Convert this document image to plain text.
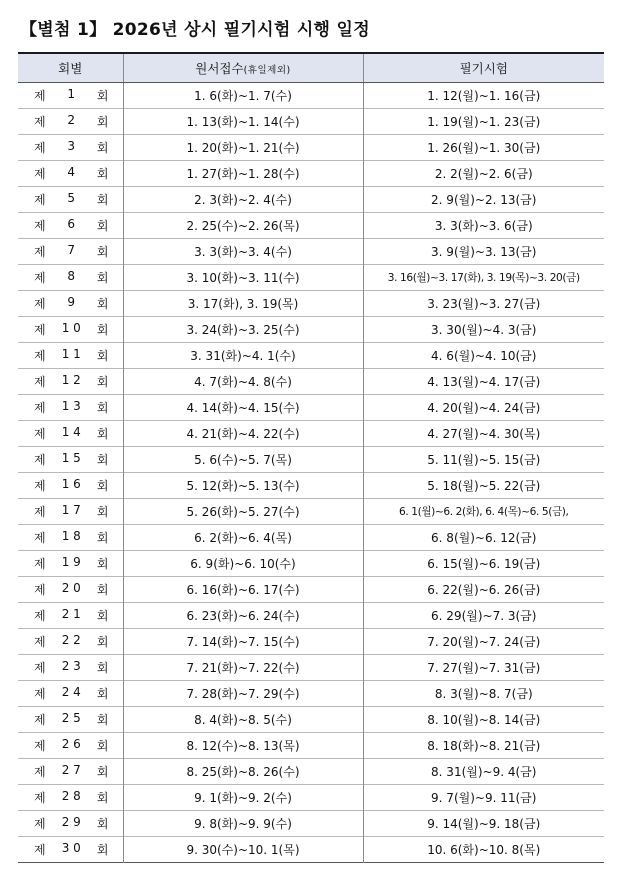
【별첨 1】 2026년 상시 필기시험 시행 일정
회별	원서접수(휴일제외)	필기시험

제 1 회	1. 6(화)~1. 7(수)	1. 12(월)~1. 16(금)

제 2 회	1. 13(화)~1. 14(수)	1. 19(월)~1. 23(금)

제 3 회	1. 20(화)~1. 21(수)	1. 26(월)~1. 30(금)

제 4 회	1. 27(화)~1. 28(수)	2. 2(월)~2. 6(금)

제 5 회	2. 3(화)~2. 4(수)	2. 9(월)~2. 13(금)

제 6 회	2. 25(수)~2. 26(목)	3. 3(화)~3. 6(금)

제 7 회	3. 3(화)~3. 4(수)	3. 9(월)~3. 13(금)

제 8 회	3. 10(화)~3. 11(수)	3. 16(월)~3. 17(화), 3. 19(목)~3. 20(금)

제 9 회	3. 17(화), 3. 19(목)	3. 23(월)~3. 27(금)

제 1 0 회	3. 24(화)~3. 25(수)	3. 30(월)~4. 3(금)

제 1 1 회	3. 31(화)~4. 1(수)	4. 6(월)~4. 10(금)

제 1 2 회	4. 7(화)~4. 8(수)	4. 13(월)~4. 17(금)

제 1 3 회	4. 14(화)~4. 15(수)	4. 20(월)~4. 24(금)

제 1 4 회	4. 21(화)~4. 22(수)	4. 27(월)~4. 30(목)

제 1 5 회	5. 6(수)~5. 7(목)	5. 11(월)~5. 15(금)

제 1 6 회	5. 12(화)~5. 13(수)	5. 18(월)~5. 22(금)

제 1 7 회	5. 26(화)~5. 27(수)	6. 1(월)~6. 2(화), 6. 4(목)~6. 5(금),

제 1 8 회	6. 2(화)~6. 4(목)	6. 8(월)~6. 12(금)

제 1 9 회	6. 9(화)~6. 10(수)	6. 15(월)~6. 19(금)

제 2 0 회	6. 16(화)~6. 17(수)	6. 22(월)~6. 26(금)

제 2 1 회	6. 23(화)~6. 24(수)	6. 29(월)~7. 3(금)

제 2 2 회	7. 14(화)~7. 15(수)	7. 20(월)~7. 24(금)

제 2 3 회	7. 21(화)~7. 22(수)	7. 27(월)~7. 31(금)

제 2 4 회	7. 28(화)~7. 29(수)	8. 3(월)~8. 7(금)

제 2 5 회	8. 4(화)~8. 5(수)	8. 10(월)~8. 14(금)

제 2 6 회	8. 12(수)~8. 13(목)	8. 18(화)~8. 21(금)

제 2 7 회	8. 25(화)~8. 26(수)	8. 31(월)~9. 4(금)

제 2 8 회	9. 1(화)~9. 2(수)	9. 7(월)~9. 11(금)

제 2 9 회	9. 8(화)~9. 9(수)	9. 14(월)~9. 18(금)

제 3 0 회	9. 30(수)~10. 1(목)	10. 6(화)~10. 8(목)
